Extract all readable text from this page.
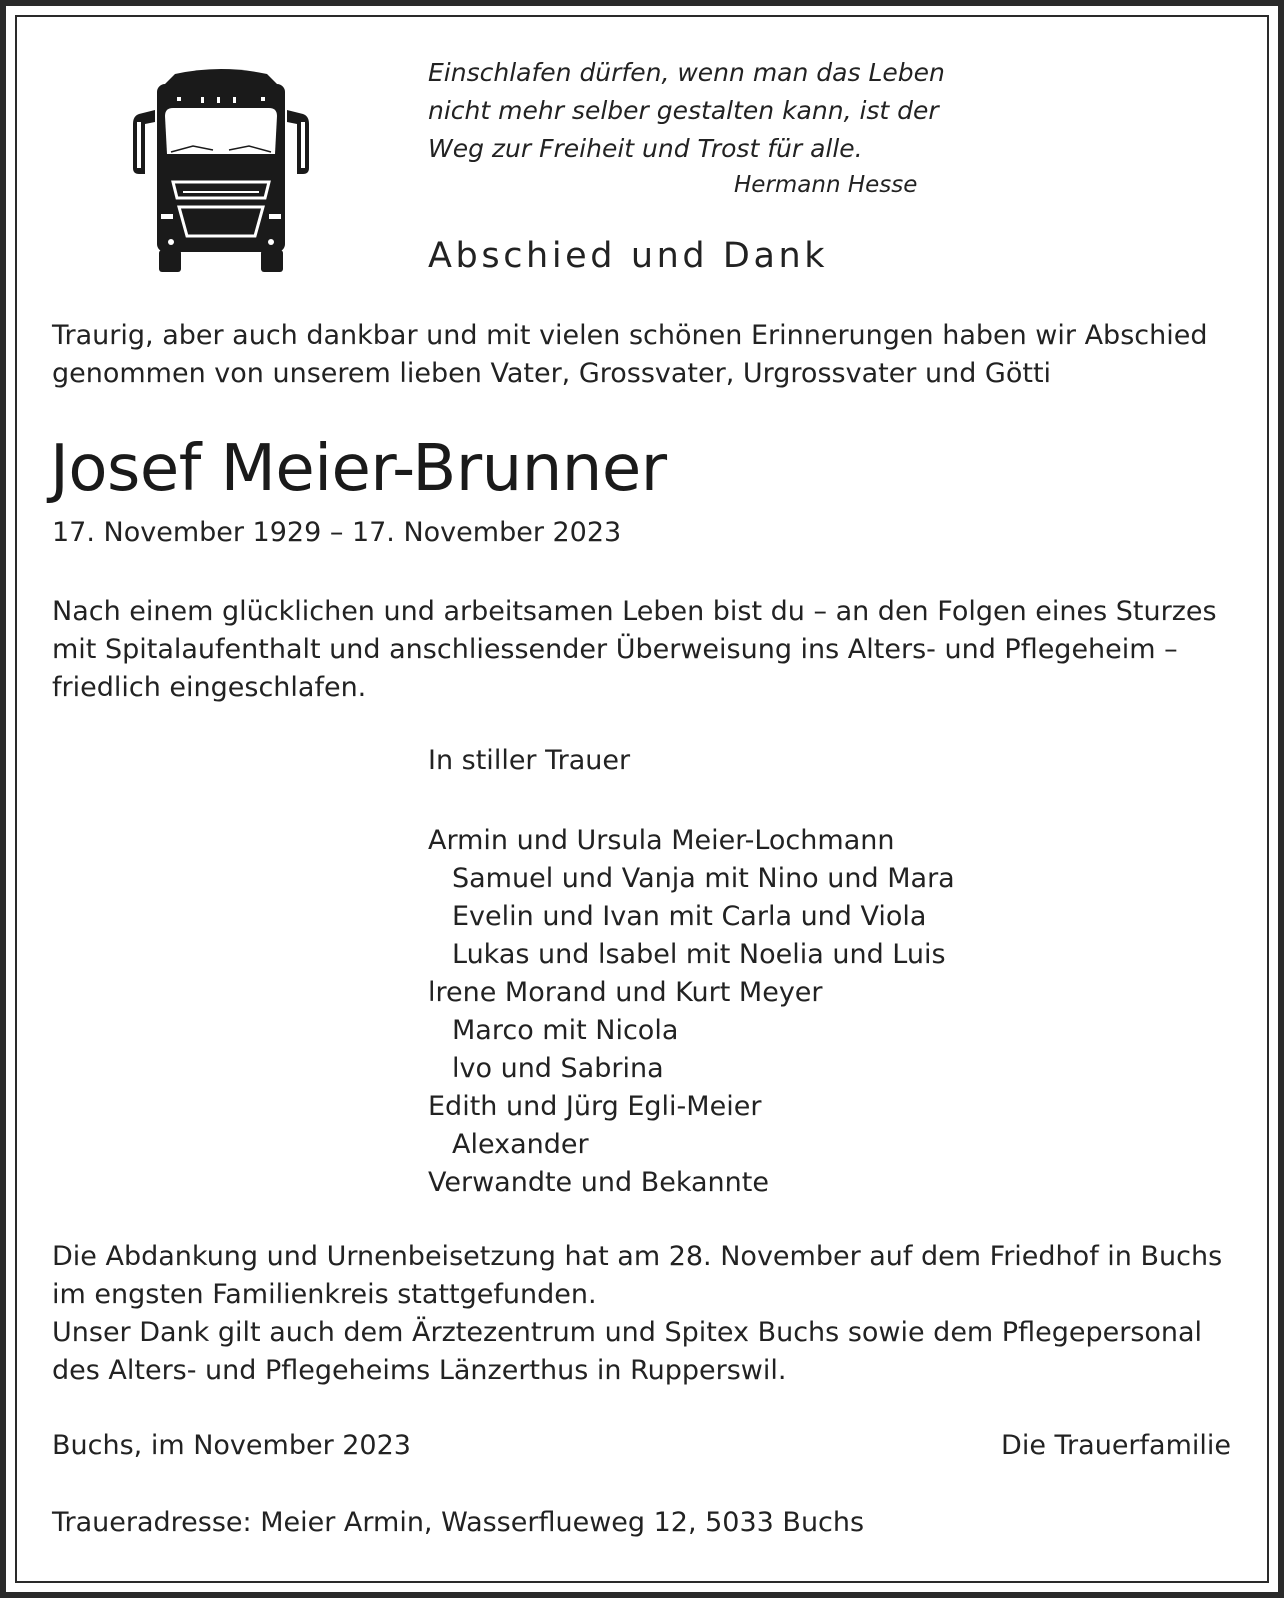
Einschlafen dürfen, wenn man das Leben
nicht mehr selber gestalten kann, ist der
Weg zur Freiheit und Trost für alle.
Hermann Hesse
Abschied und Dank
Traurig, aber auch dankbar und mit vielen schönen Erinnerungen haben wir Abschied
genommen von unserem lieben Vater, Grossvater, Urgrossvater und Götti
Josef Meier-Brunner
17. November 1929 – 17. November 2023
Nach einem glücklichen und arbeitsamen Leben bist du – an den Folgen eines Sturzes
mit Spitalaufenthalt und anschliessender Überweisung ins Alters- und Pflegeheim –
friedlich eingeschlafen.
In stiller Trauer
Armin und Ursula Meier-Lochmann
Samuel und Vanja mit Nino und Mara
Evelin und Ivan mit Carla und Viola
Lukas und lsabel mit Noelia und Luis
lrene Morand und Kurt Meyer
Marco mit Nicola
lvo und Sabrina
Edith und Jürg Egli-Meier
Alexander
Verwandte und Bekannte
Die Abdankung und Urnenbeisetzung hat am 28. November auf dem Friedhof in Buchs
im engsten Familienkreis stattgefunden.
Unser Dank gilt auch dem Ärztezentrum und Spitex Buchs sowie dem Pflegepersonal
des Alters- und Pflegeheims Länzerthus in Rupperswil.
Buchs, im November 2023	Die Trauerfamilie
Traueradresse: Meier Armin, Wasserflueweg 12, 5033 Buchs
